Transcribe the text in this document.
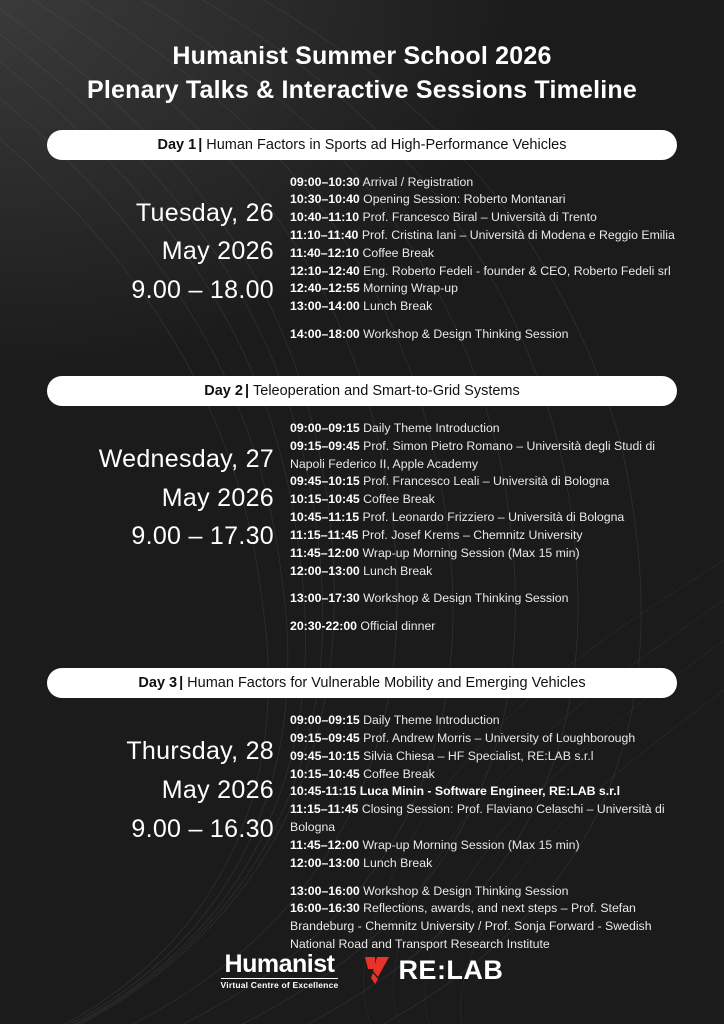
Humanist Summer School 2026
Plenary Talks & Interactive Sessions Timeline
Day 1 | Human Factors in Sports ad High-Performance Vehicles
Tuesday, 26
May 2026
9.00 – 18.00

09:00–10:30 Arrival / Registration

10:30–10:40 Opening Session: Roberto Montanari

10:40–11:10 Prof. Francesco Biral – Università di Trento

11:10–11:40 Prof. Cristina Iani – Università di Modena e Reggio Emilia

11:40–12:10 Coffee Break

12:10–12:40 Eng. Roberto Fedeli - founder & CEO, Roberto Fedeli srl

12:40–12:55 Morning Wrap-up

13:00–14:00 Lunch Break

14:00–18:00 Workshop & Design Thinking Session

Day 2 | Teleoperation and Smart-to-Grid Systems
Wednesday, 27
May 2026
9.00 – 17.30

09:00–09:15 Daily Theme Introduction

09:15–09:45 Prof. Simon Pietro Romano – Università degli Studi di Napoli Federico II, Apple Academy

09:45–10:15 Prof. Francesco Leali – Università di Bologna

10:15–10:45 Coffee Break

10:45–11:15 Prof. Leonardo Frizziero – Università di Bologna

11:15–11:45 Prof. Josef Krems – Chemnitz University

11:45–12:00 Wrap-up Morning Session (Max 15 min)

12:00–13:00 Lunch Break

13:00–17:30 Workshop & Design Thinking Session

20:30-22:00 Official dinner

Day 3 | Human Factors for Vulnerable Mobility and Emerging Vehicles
Thursday, 28
May 2026
9.00 – 16.30

09:00–09:15 Daily Theme Introduction

09:15–09:45 Prof. Andrew Morris – University of Loughborough

09:45–10:15 Silvia Chiesa – HF Specialist, RE:LAB s.r.l

10:15–10:45 Coffee Break

10:45-11:15 Luca Minin - Software Engineer, RE:LAB s.r.l

11:15–11:45 Closing Session: Prof. Flaviano Celaschi – Università di Bologna

11:45–12:00 Wrap-up Morning Session (Max 15 min)

12:00–13:00 Lunch Break

13:00–16:00 Workshop & Design Thinking Session

16:00–16:30 Reflections, awards, and next steps – Prof. Stefan Brandeburg - Chemnitz University / Prof. Sonja Forward - Swedish National Road and Transport Research Institute

Humanist
Virtual Centre of Excellence
RE:LAB
